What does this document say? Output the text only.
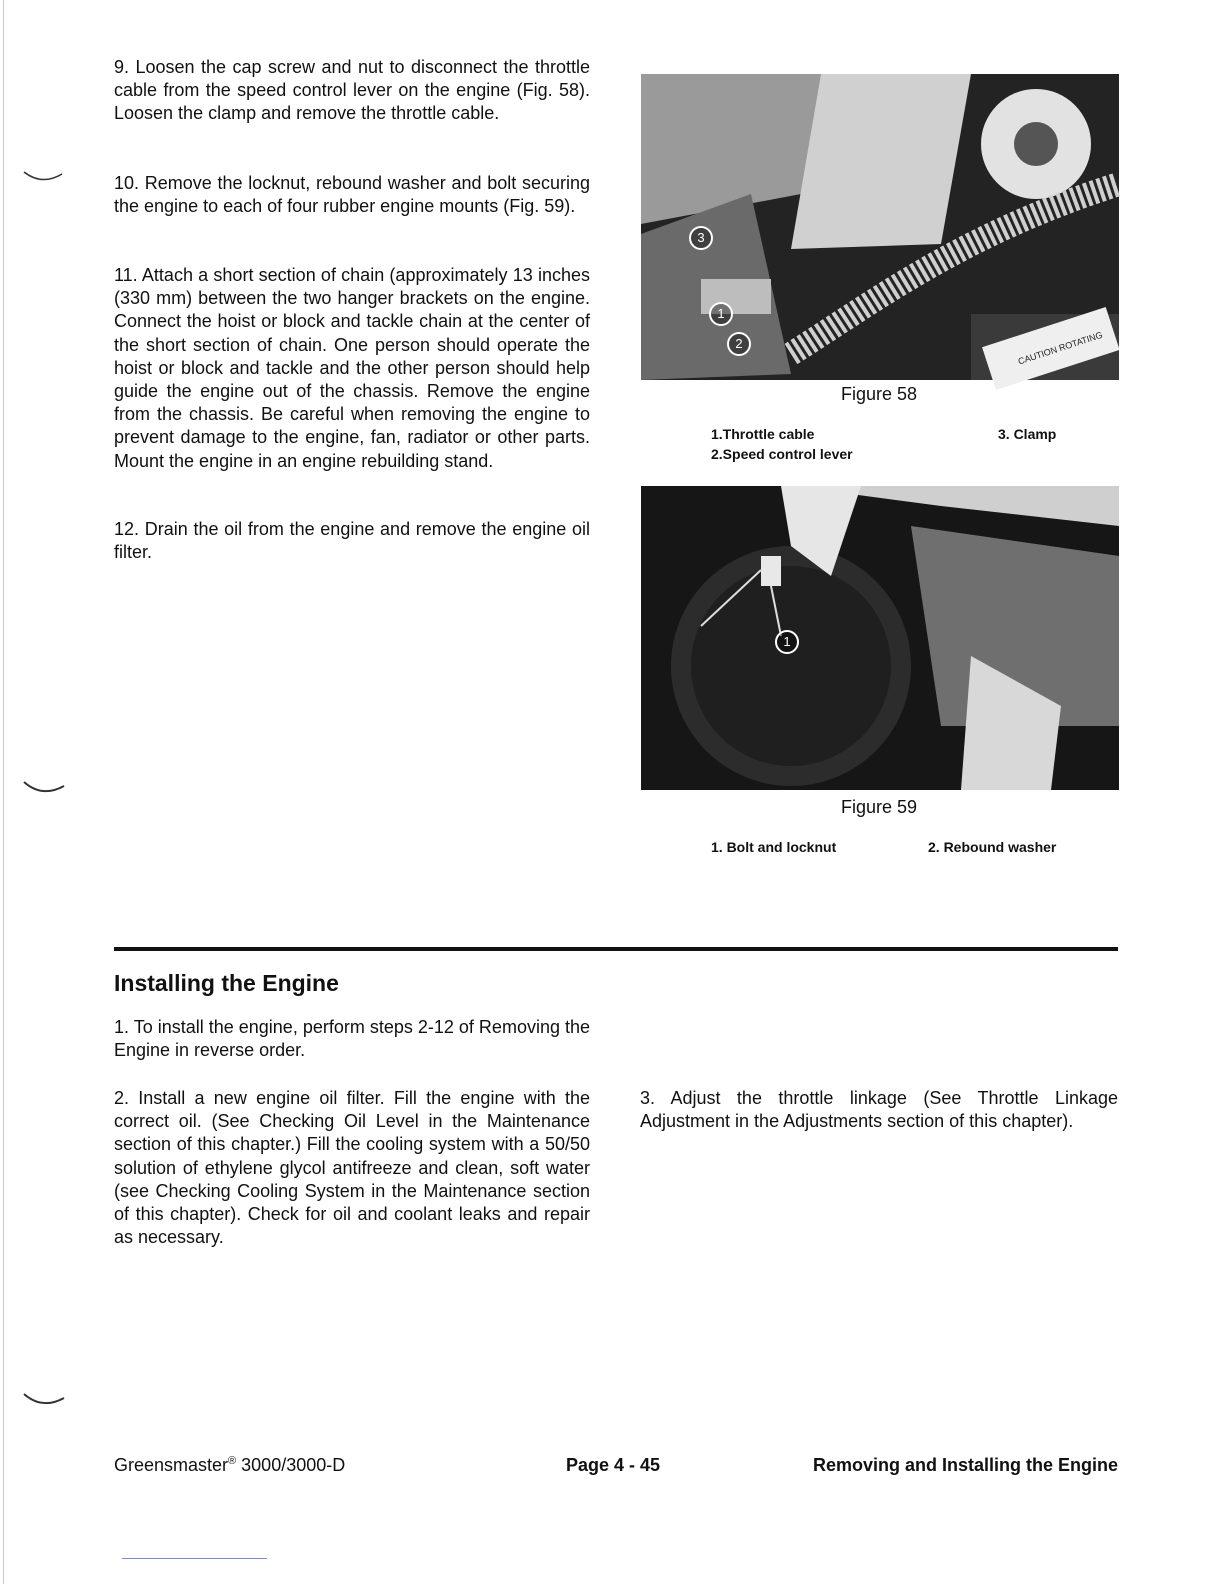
9. Loosen the cap screw and nut to disconnect the throttle cable from the speed control lever on the engine (Fig. 58). Loosen the clamp and remove the throttle cable.

10. Remove the locknut, rebound washer and bolt securing the engine to each of four rubber engine mounts (Fig. 59).

11. Attach a short section of chain (approximately 13 inches (330 mm) between the two hanger brackets on the engine. Connect the hoist or block and tackle chain at the center of the short section of chain. One person should operate the hoist or block and tackle and the other person should help guide the engine out of the chassis. Remove the engine from the chassis. Be careful when removing the engine to prevent damage to the engine, fan, radiator or other parts. Mount the engine in an engine rebuilding stand.

12. Drain the oil from the engine and remove the engine oil filter.

CAUTION ROTATING
3
1
2
Figure 58
1.Throttle cable
2.Speed control lever
3. Clamp
1
Figure 59
1. Bolt and locknut	2. Rebound washer
Installing the Engine

1. To install the engine, perform steps 2-12 of Removing the Engine in reverse order.

2. Install a new engine oil filter. Fill the engine with the correct oil. (See Checking Oil Level in the Maintenance section of this chapter.) Fill the cooling system with a 50/50 solution of ethylene glycol antifreeze and clean, soft water (see Checking Cooling System in the Maintenance section of this chapter). Check for oil and coolant leaks and repair as necessary.

3. Adjust the throttle linkage (See Throttle Linkage Adjustment in the Adjustments section of this chapter).

Greensmaster® 3000/3000-D	Page 4 - 45	Removing and Installing the Engine
